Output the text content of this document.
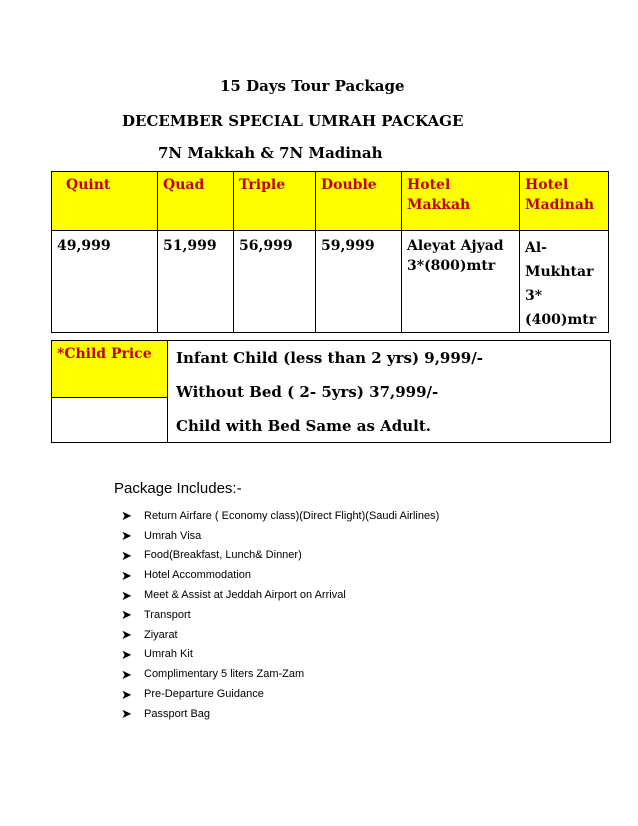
15 Days Tour Package
DECEMBER SPECIAL UMRAH PACKAGE
7N Makkah & 7N Madinah
Quint	Quad	Triple	Double	Hotel Makkah	Hotel Madinah
49,999	51,999	56,999	59,999	Aleyat Ajyad 3*(800)mtr	Al-Mukhtar 3*(400)mtr
*Child Price	Infant Child (less than 2 yrs) 9,999/-
Without Bed ( 2- 5yrs) 37,999/-
Child with Bed Same as Adult.

Package Includes:-
➤	Return Airfare ( Economy class)(Direct Flight)(Saudi Airlines)
➤	Umrah Visa
➤	Food(Breakfast, Lunch& Dinner)
➤	Hotel Accommodation
➤	Meet & Assist at Jeddah Airport on Arrival
➤	Transport
➤	Ziyarat
➤	Umrah Kit
➤	Complimentary 5 liters Zam-Zam
➤	Pre-Departure Guidance
➤	Passport Bag
